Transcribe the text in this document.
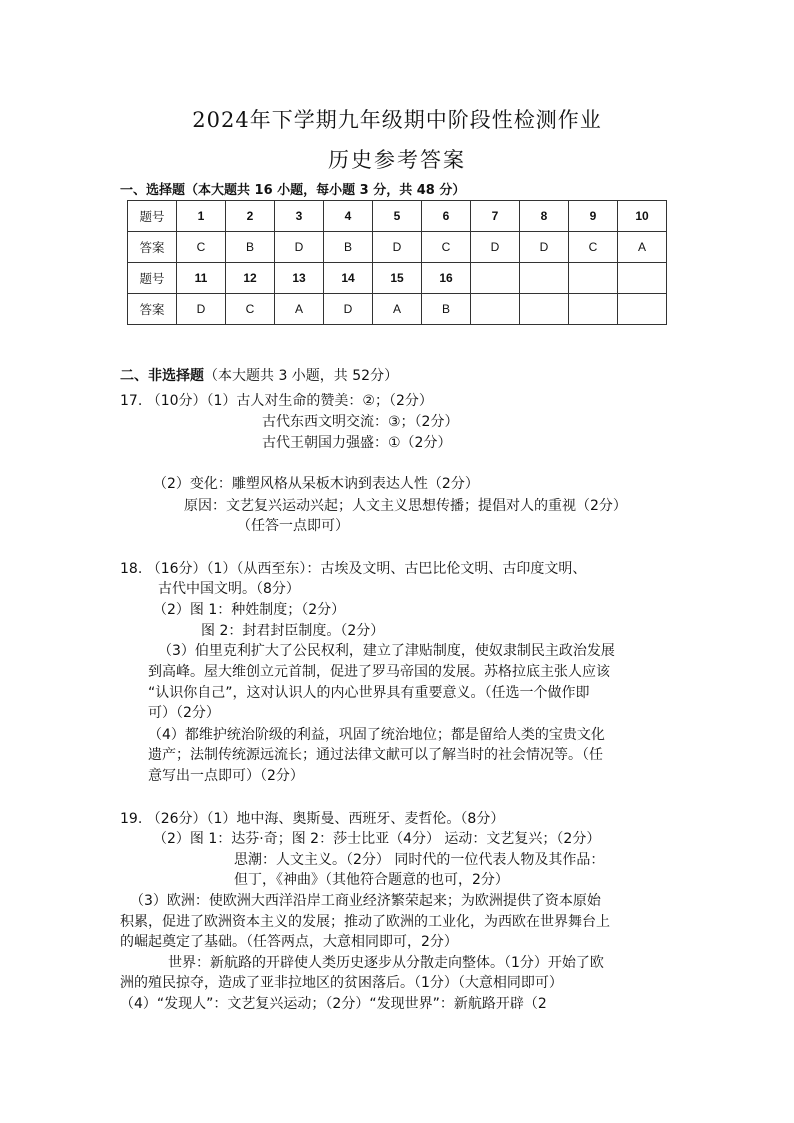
2024年下学期九年级期中阶段性检测作业
历史参考答案
一、选择题（本大题共 16 小题，每小题 3 分，共 48 分）
题号	1	2	3	4	5	6	7	8	9	10
答案	C	B	D	B	D	C	D	D	C	A
题号	11	12	13	14	15	16				
答案	D	C	A	D	A	B				
二、非选择题（本大题共 3 小题，共 52分）
17. （10分）（1）古人对生命的赞美：②；（2分）
古代东西文明交流：③；（2分）
古代王朝国力强盛：①（2分）
（2）变化：雕塑风格从呆板木讷到表达人性（2分）
原因：文艺复兴运动兴起；人文主义思想传播；提倡对人的重视（2分）
（任答一点即可）
18. （16分）（1）（从西至东）：古埃及文明、古巴比伦文明、古印度文明、
古代中国文明。（8分）
（2）图 1：种姓制度；（2分）
图 2：封君封臣制度。（2分）
（3）伯里克利扩大了公民权利，建立了津贴制度，使奴隶制民主政治发展
到高峰。屋大维创立元首制，促进了罗马帝国的发展。苏格拉底主张人应该
“认识你自己”，这对认识人的内心世界具有重要意义。（任选一个做作即
可）（2分）
（4）都维护统治阶级的利益，巩固了统治地位；都是留给人类的宝贵文化
遗产；法制传统源远流长；通过法律文献可以了解当时的社会情况等。（任
意写出一点即可）（2分）
19. （26分）（1）地中海、奥斯曼、西班牙、麦哲伦。（8分）
（2）图 1：达芬·奇；图 2：莎士比亚（4分） 运动：文艺复兴；（2分）
思潮：人文主义。（2分） 同时代的一位代表人物及其作品：
但丁，《神曲》（其他符合题意的也可，2分）
（3）欧洲：使欧洲大西洋沿岸工商业经济繁荣起来；为欧洲提供了资本原始
积累，促进了欧洲资本主义的发展；推动了欧洲的工业化，为西欧在世界舞台上
的崛起奠定了基础。（任答两点，大意相同即可，2分）
世界：新航路的开辟使人类历史逐步从分散走向整体。（1分）开始了欧
洲的殖民掠夺，造成了亚非拉地区的贫困落后。（1分）（大意相同即可）
（4）“发现人”：文艺复兴运动；（2分）“发现世界”：新航路开辟（2
